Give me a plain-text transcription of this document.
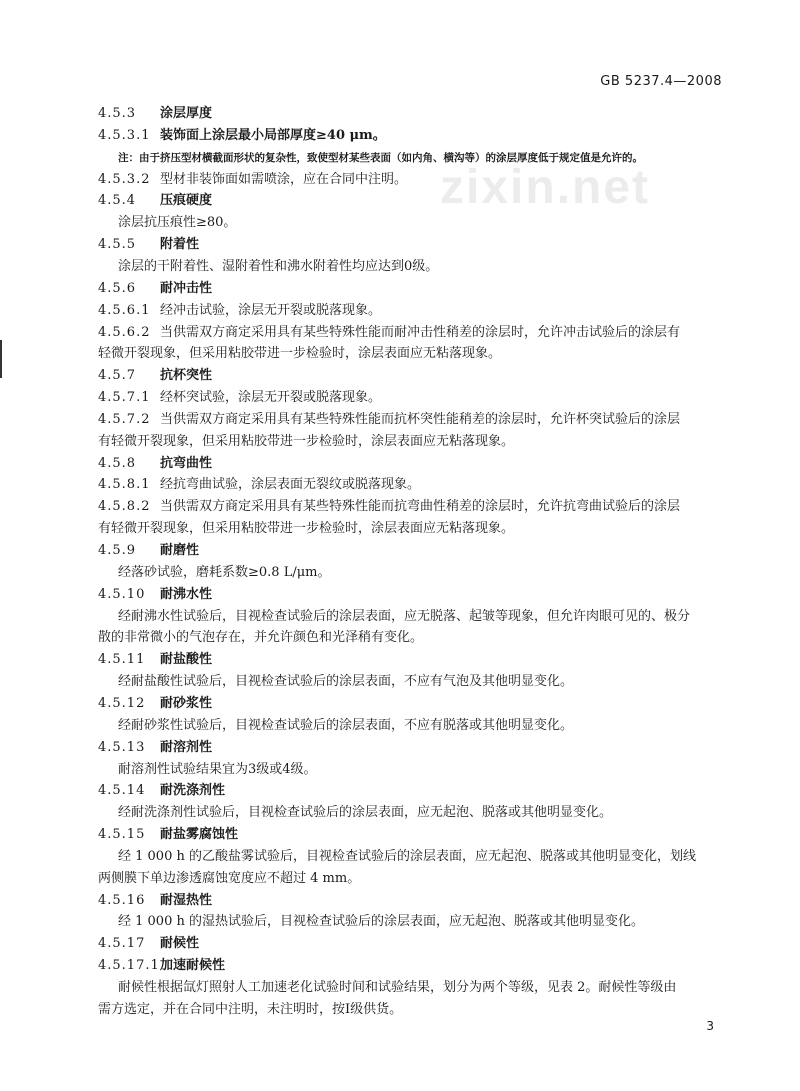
GB 5237.4—2008
zixin.net
4.5.3 涂层厚度
4.5.3.1 装饰面上涂层最小局部厚度≥40 μm。
注：由于挤压型材横截面形状的复杂性，致使型材某些表面（如内角、横沟等）的涂层厚度低于规定值是允许的。
4.5.3.2 型材非装饰面如需喷涂，应在合同中注明。
4.5.4 压痕硬度
涂层抗压痕性≥80。
4.5.5 附着性
涂层的干附着性、湿附着性和沸水附着性均应达到0级。
4.5.6 耐冲击性
4.5.6.1 经冲击试验，涂层无开裂或脱落现象。
4.5.6.2 当供需双方商定采用具有某些特殊性能而耐冲击性稍差的涂层时，允许冲击试验后的涂层有
轻微开裂现象，但采用粘胶带进一步检验时，涂层表面应无粘落现象。
4.5.7 抗杯突性
4.5.7.1 经杯突试验，涂层无开裂或脱落现象。
4.5.7.2 当供需双方商定采用具有某些特殊性能而抗杯突性能稍差的涂层时，允许杯突试验后的涂层
有轻微开裂现象，但采用粘胶带进一步检验时，涂层表面应无粘落现象。
4.5.8 抗弯曲性
4.5.8.1 经抗弯曲试验，涂层表面无裂纹或脱落现象。
4.5.8.2 当供需双方商定采用具有某些特殊性能而抗弯曲性稍差的涂层时，允许抗弯曲试验后的涂层
有轻微开裂现象，但采用粘胶带进一步检验时，涂层表面应无粘落现象。
4.5.9 耐磨性
经落砂试验，磨耗系数≥0.8 L/μm。
4.5.10 耐沸水性
经耐沸水性试验后，目视检查试验后的涂层表面，应无脱落、起皱等现象，但允许肉眼可见的、极分
散的非常微小的气泡存在，并允许颜色和光泽稍有变化。
4.5.11 耐盐酸性
经耐盐酸性试验后，目视检查试验后的涂层表面，不应有气泡及其他明显变化。
4.5.12 耐砂浆性
经耐砂浆性试验后，目视检查试验后的涂层表面，不应有脱落或其他明显变化。
4.5.13 耐溶剂性
耐溶剂性试验结果宜为3级或4级。
4.5.14 耐洗涤剂性
经耐洗涤剂性试验后，目视检查试验后的涂层表面，应无起泡、脱落或其他明显变化。
4.5.15 耐盐雾腐蚀性
经 1 000 h 的乙酸盐雾试验后，目视检查试验后的涂层表面，应无起泡、脱落或其他明显变化，划线
两侧膜下单边渗透腐蚀宽度应不超过 4 mm。
4.5.16 耐湿热性
经 1 000 h 的湿热试验后，目视检查试验后的涂层表面，应无起泡、脱落或其他明显变化。
4.5.17 耐候性
4.5.17.1加速耐候性
耐候性根据氙灯照射人工加速老化试验时间和试验结果，划分为两个等级，见表 2。耐候性等级由
需方选定，并在合同中注明，未注明时，按Ⅰ级供货。
3
